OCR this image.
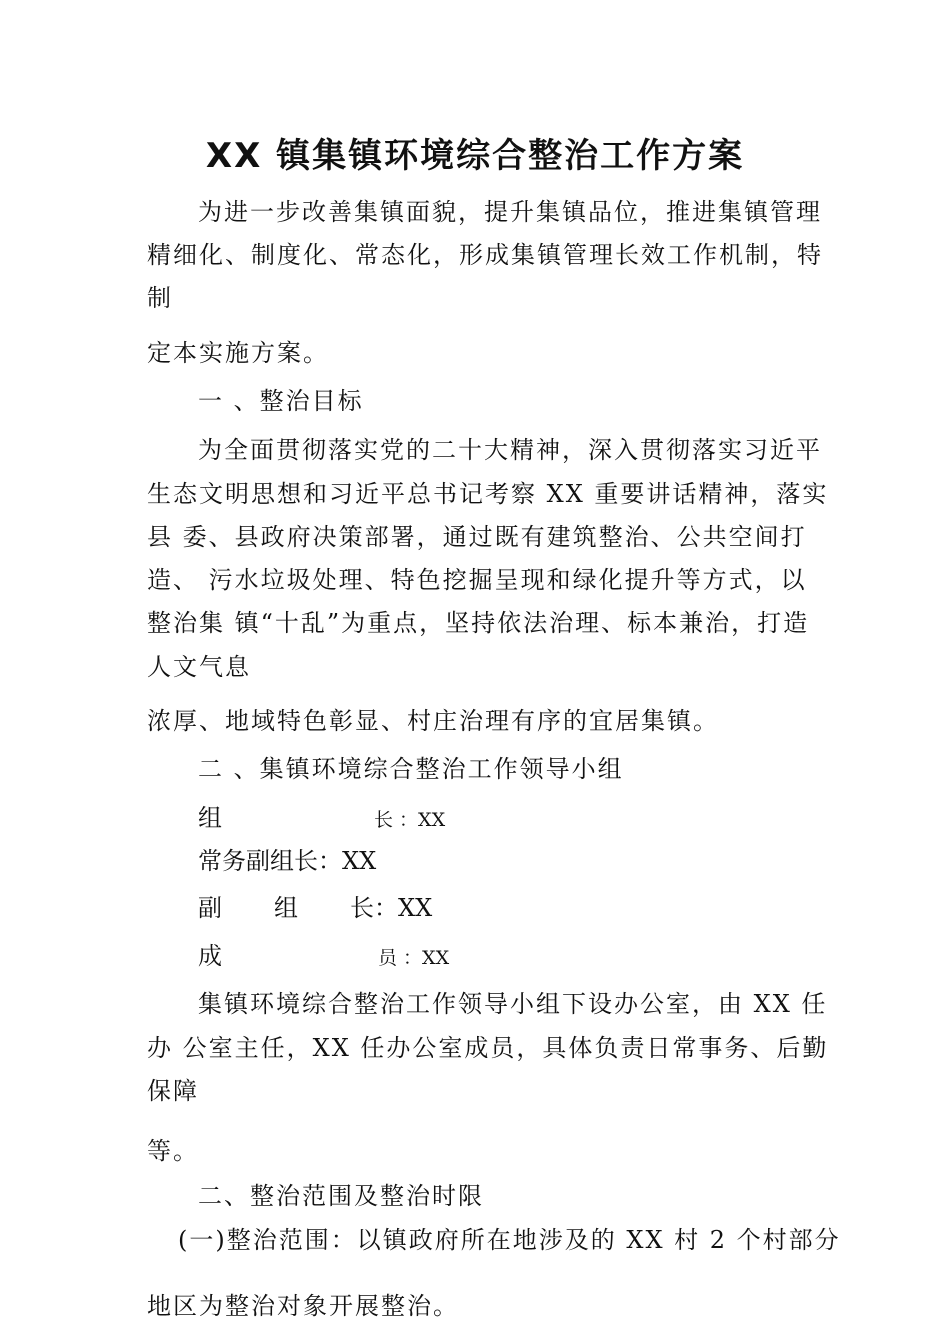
XX 镇集镇环境综合整治工作方案
为进一步改善集镇面貌，提升集镇品位，推进集镇管理
精细化、制度化、常态化，形成集镇管理长效工作机制，特
制
定本实施方案。
一 、整治目标
为全面贯彻落实党的二十大精神，深入贯彻落实习近平
生态文明思想和习近平总书记考察 XX 重要讲话精神，落实
县 委、县政府决策部署，通过既有建筑整治、公共空间打
造、 污水垃圾处理、特色挖掘呈现和绿化提升等方式，以
整治集 镇“十乱”为重点，坚持依法治理、标本兼治，打造
人文气息
浓厚、地域特色彰显、村庄治理有序的宜居集镇。
二 、集镇环境综合整治工作领导小组
组	长 ：XX
常务副组长：XX
副 组 长：XX
成	员 ：XX
集镇环境综合整治工作领导小组下设办公室，由 XX 任
办 公室主任，XX 任办公室成员，具体负责日常事务、后勤
保障
等。
二、整治范围及整治时限
(一)整治范围：以镇政府所在地涉及的 XX 村 2 个村部分
地区为整治对象开展整治。
